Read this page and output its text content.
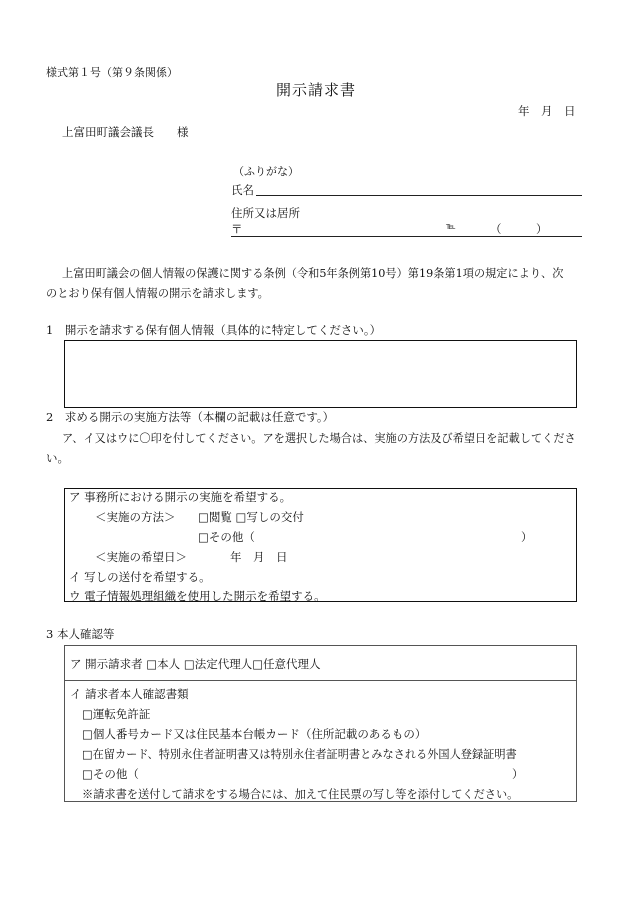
様式第１号（第９条関係）
開示請求書
年　月　日
上富田町議会議長　　様
（ふりがな）
氏名
住所又は居所
〒	℡	（　　　）
上富田町議会の個人情報の保護に関する条例（令和5年条例第10号）第19条第1項の規定により、次
のとおり保有個人情報の開示を請求します。
1　開示を請求する保有個人情報（具体的に特定してください。）
2　求める開示の実施方法等（本欄の記載は任意です。）
ア、イ又はウに〇印を付してください。アを選択した場合は、実施の方法及び希望日を記載してくださ
い。
ア 事務所における開示の実施を希望する。
＜実施の方法＞ □閲覧 □写しの交付
□その他（	）
＜実施の希望日＞	年　月　日
イ 写しの送付を希望する。
ウ 電子情報処理組織を使用した開示を希望する。
3 本人確認等
ア 開示請求者 □本人 □法定代理人□任意代理人
イ 請求者本人確認書類
□運転免許証
□個人番号カード又は住民基本台帳カード（住所記載のあるもの）
□在留カード、特別永住者証明書又は特別永住者証明書とみなされる外国人登録証明書
□その他（	）
※請求書を送付して請求をする場合には、加えて住民票の写し等を添付してください。
